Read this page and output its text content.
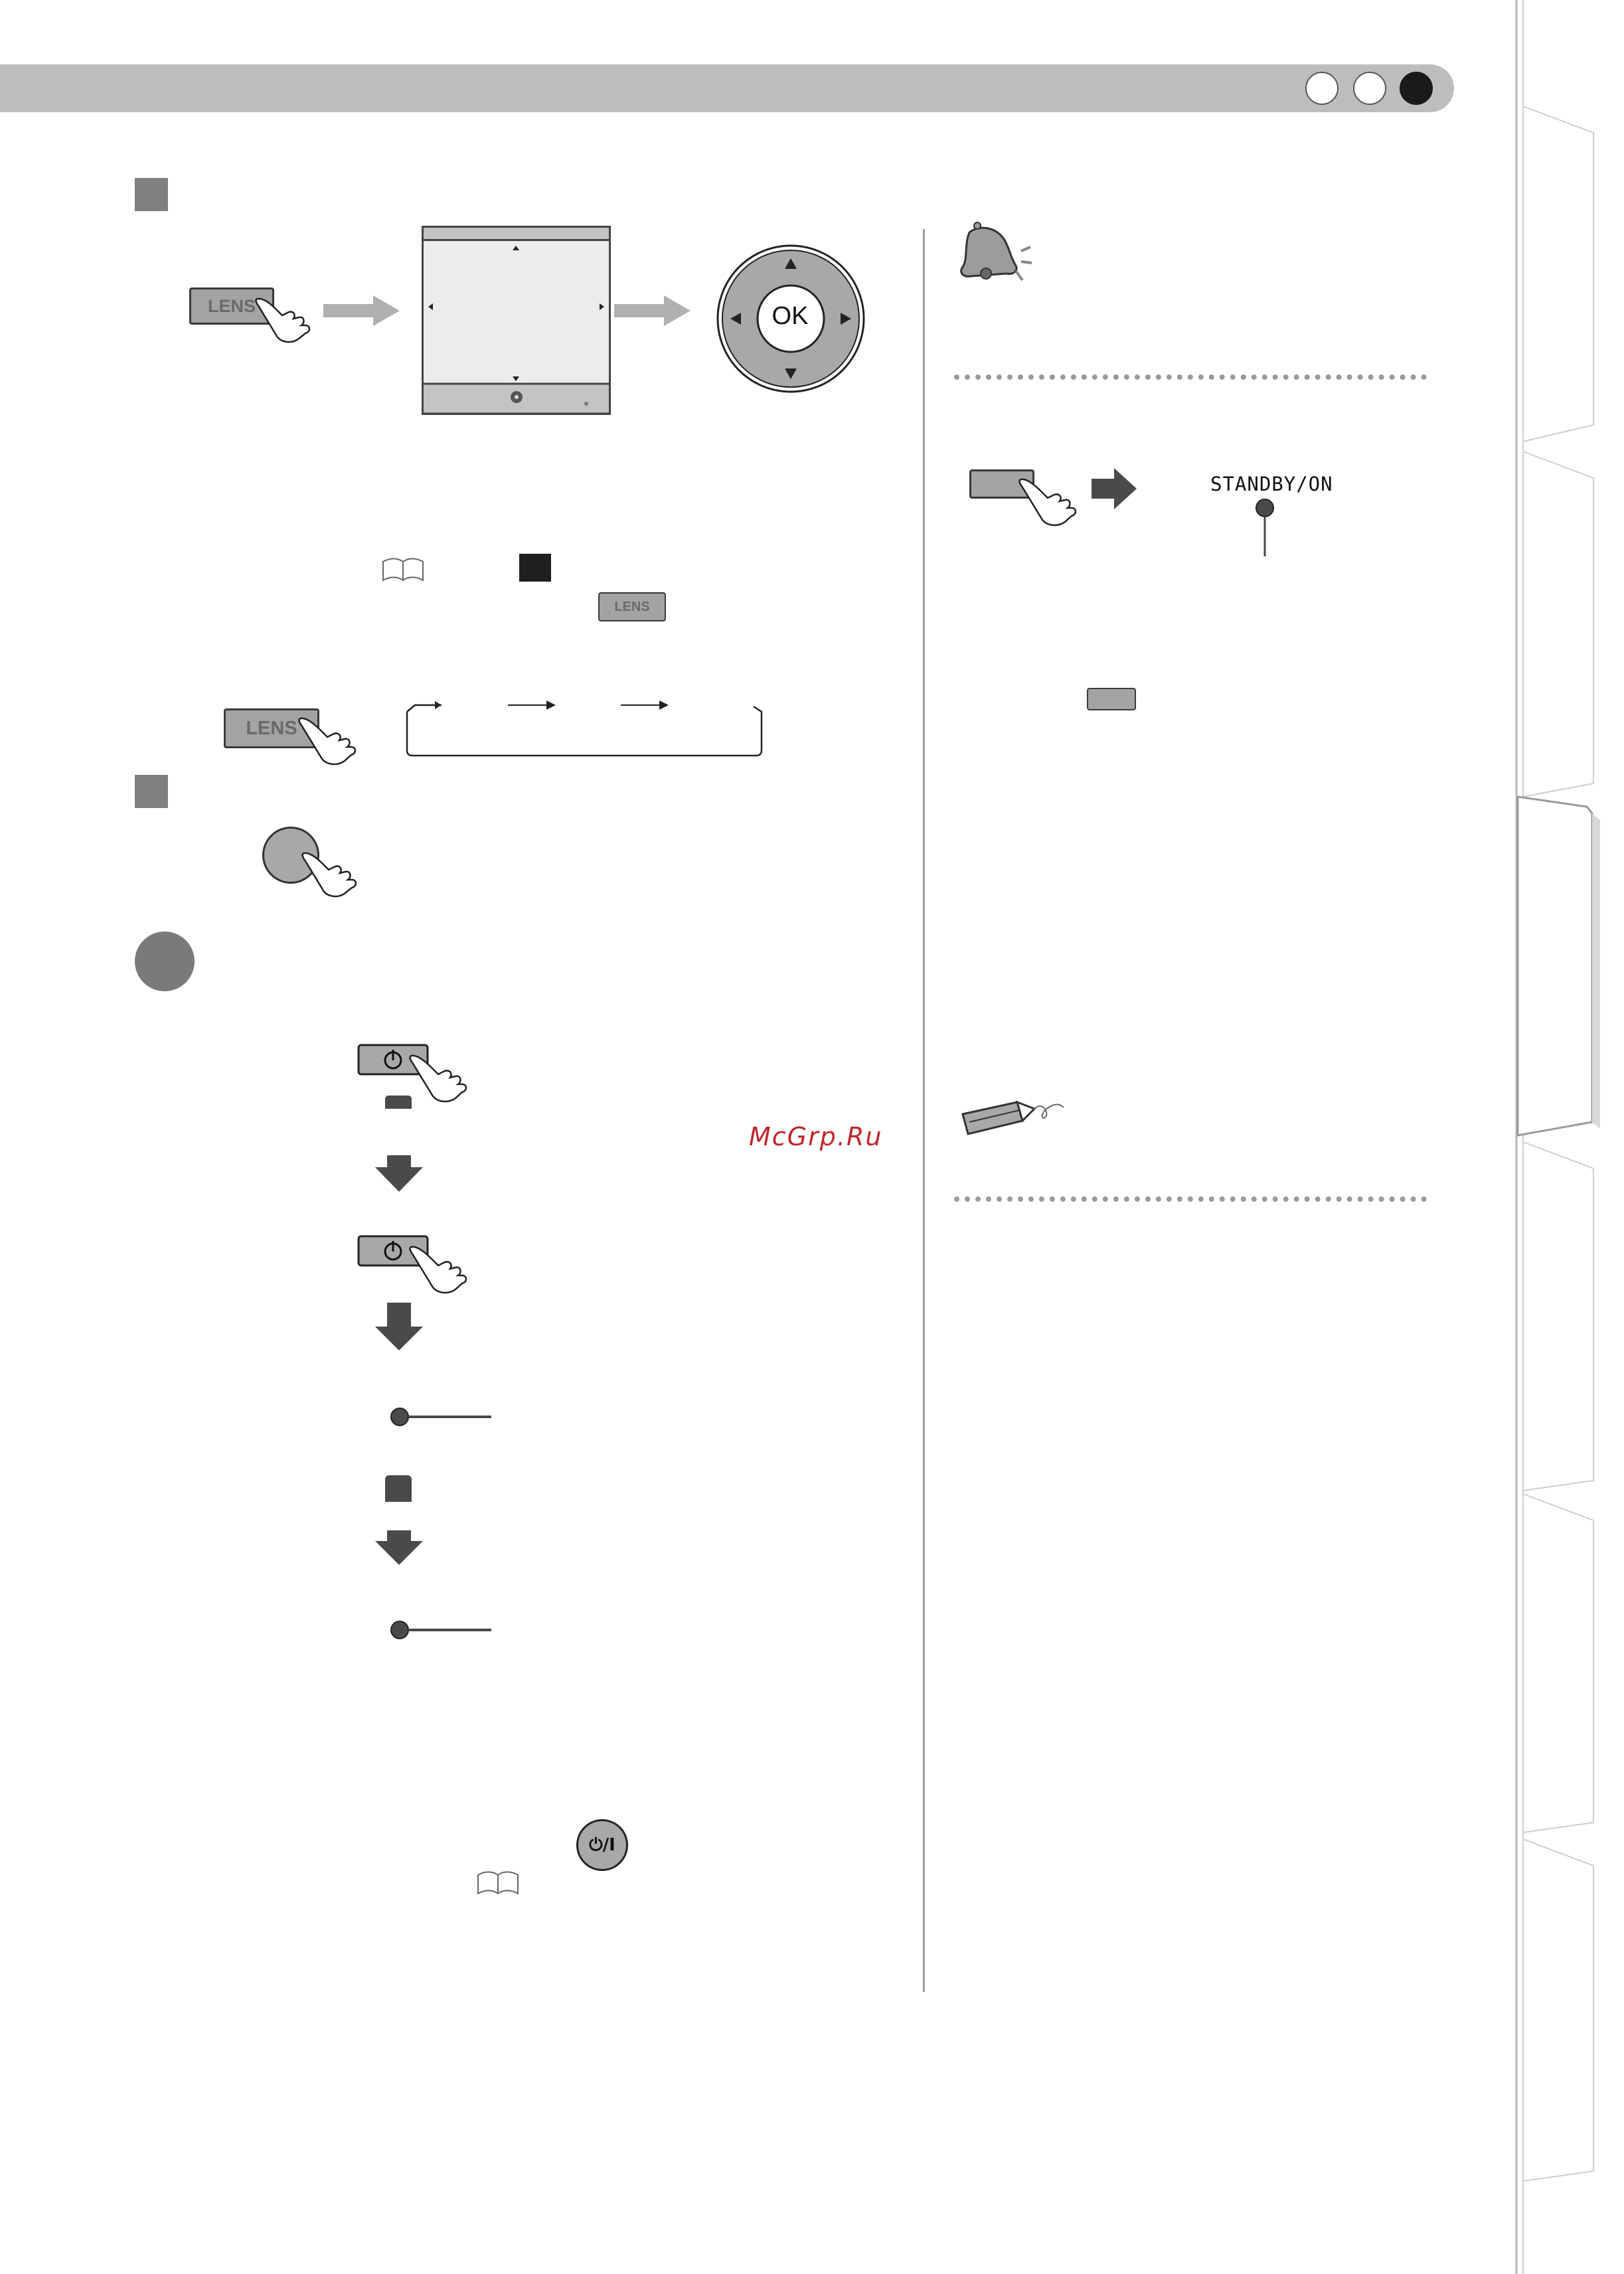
LENS	OK
LENS
LENS
⏻/I
McGrp.Ru
STANDBY/ON
